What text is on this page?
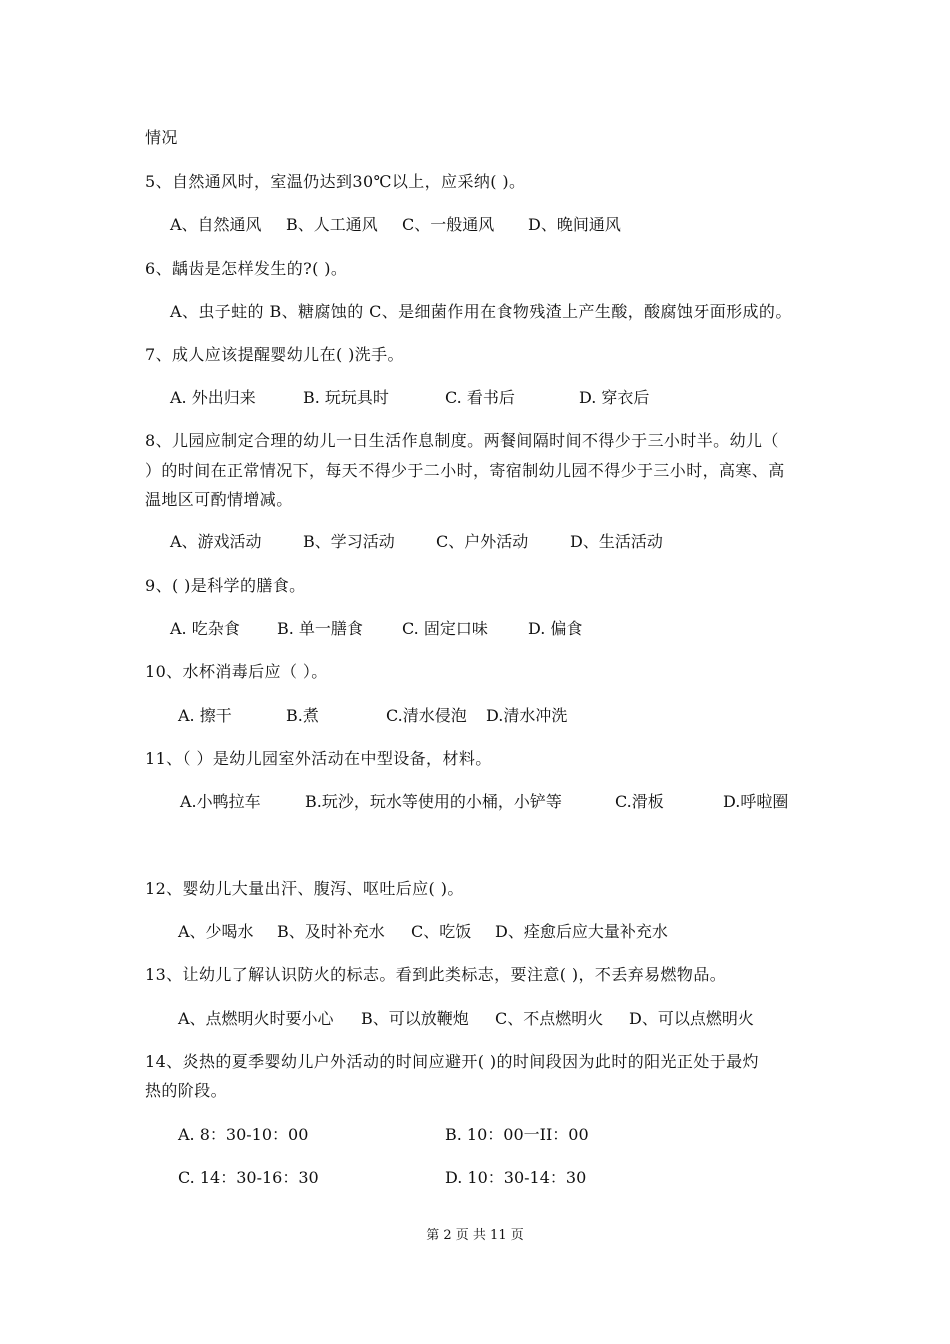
情况
5、自然通风时，室温仍达到30℃以上，应采纳( )。
A、自然通风 B、人工通风 C、一般通风 D、晚间通风
6、龋齿是怎样发生的?( )。
A、虫子蛀的 B、糖腐蚀的 C、是细菌作用在食物残渣上产生酸，酸腐蚀牙面形成的。
7、成人应该提醒婴幼儿在( )洗手。
A. 外出归来	B. 玩玩具时	C. 看书后	D. 穿衣后
8、儿园应制定合理的幼儿一日生活作息制度。两餐间隔时间不得少于三小时半。幼儿（
）的时间在正常情况下，每天不得少于二小时，寄宿制幼儿园不得少于三小时，高寒、高
温地区可酌情增减。
A、游戏活动	B、学习活动	C、户外活动	D、生活活动
9、( )是科学的膳食。
A. 吃杂食 B. 单一膳食 C. 固定口味	D. 偏食
10、水杯消毒后应（ ）。
A. 擦干	B.煮	C.清水侵泡 D.清水冲洗
11、（ ）是幼儿园室外活动在中型设备，材料。
A.小鸭拉车	B.玩沙，玩水等使用的小桶，小铲等	C.滑板	D.呼啦圈
12、婴幼儿大量出汗、腹泻、呕吐后应( )。
A、少喝水 B、及时补充水 C、吃饭 D、痊愈后应大量补充水
13、让幼儿了解认识防火的标志。看到此类标志，要注意( )，不丢弃易燃物品。
A、点燃明火时要小心 B、可以放鞭炮 C、不点燃明火 D、可以点燃明火
14、炎热的夏季婴幼儿户外活动的时间应避开( )的时间段因为此时的阳光正处于最灼
热的阶段。
A. 8：30-10：00	B. 10：00一II：00
C. 14：30-16：30	D. 10：30-14：30
第 2 页 共 11 页
